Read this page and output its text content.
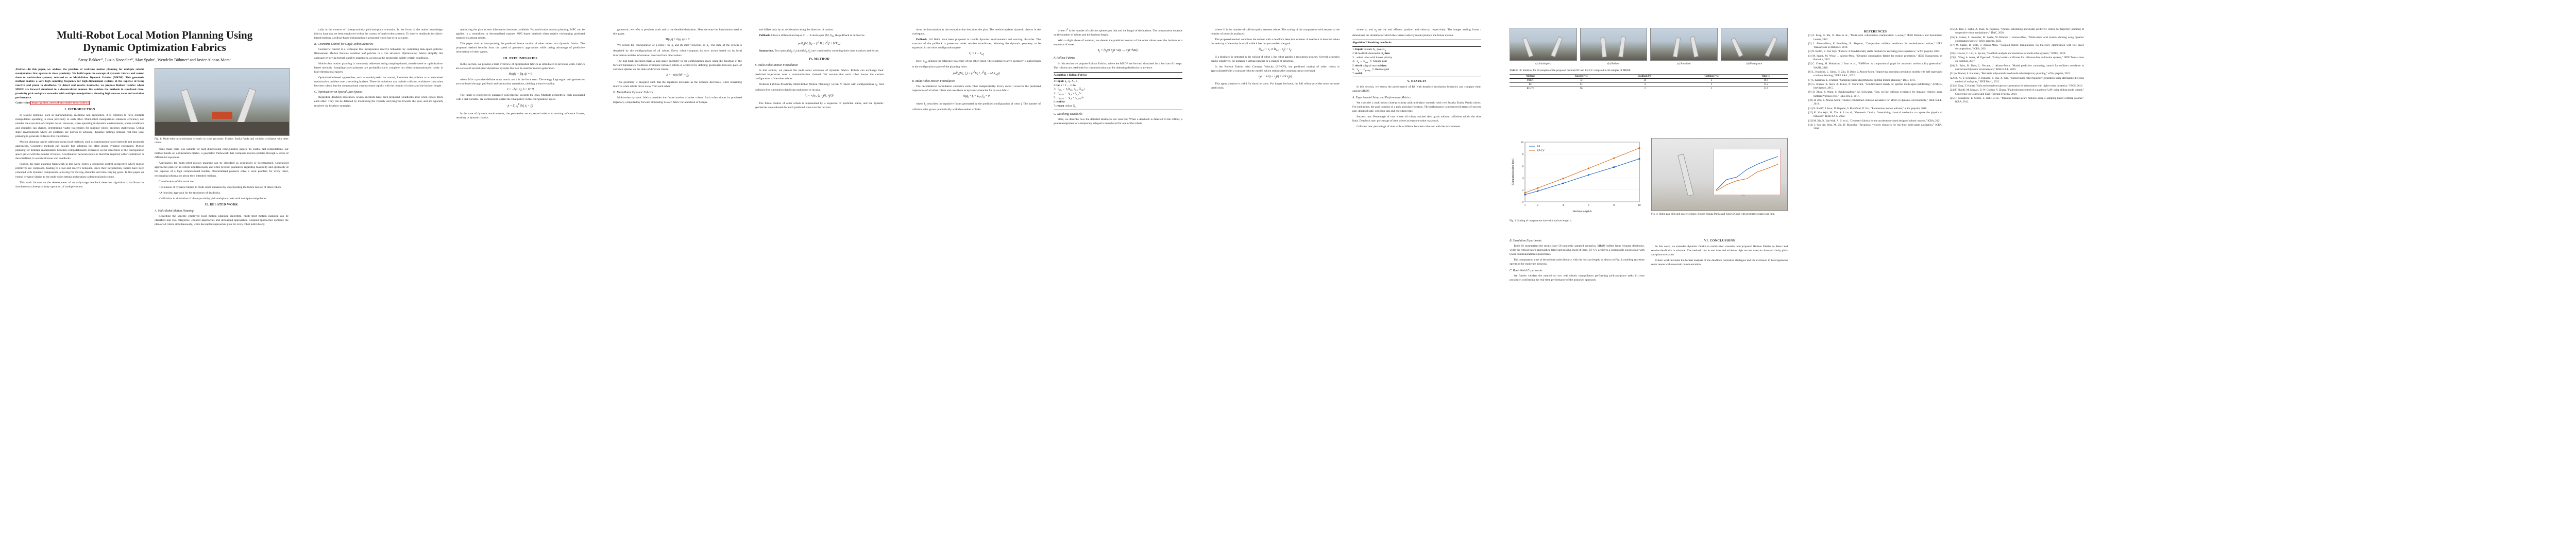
Multi-Robot Local Motion Planning Using
Dynamic Optimization Fabrics
Saray Bakker¹², Luzia Knoedler¹², Max Spahn¹, Wendelin Böhmer³ and Javier Alonso-Mora¹
Abstract—In this paper, we address the problem of real-time motion planning for multiple robotic manipulators that operate in close proximity. We build upon the concept of dynamic fabrics and extend them to multi-robot systems, referred to as Multi-Robot Dynamic Fabrics (MRDF). This geometric method enables a very high sampling frequency for high-dimensional systems at the expense of being reactive and prone to deadlocks. To detect and resolve deadlocks, we propose Rollout Fabrics where MRDF are forward simulated in a decentralized manner. We validate the methods in simulated close-proximity pick-and-place scenarios with multiple manipulators, showing high success rates and real-time performance.
Code: video https://github.com/tud-amr/multi-robot-fabrics
I. INTRODUCTION

In several domains, such as manufacturing, medicine and agriculture, it is common to have multiple manipulators operating in close proximity to each other. Multi-robot manipulation enhances efficiency and enables the execution of complex tasks. However, when operating in dynamic environments, where conditions and obstacles can change, determining viable trajectories for multiple robots becomes challenging. Unlike static environments where all obstacles are known in advance, dynamic settings demand real-time local planning to generate collision-free trajectories.

Motion planning can be addressed using local methods, such as optimization-based methods and geometric approaches. Geometric methods can quickly find solutions but often ignore dynamic constraints. Motion planning for multiple manipulators becomes computationally expensive as the dimension of the configuration space grows with the number of robots. Coordination between robots is therefore required, either centralized or decentralized, to avoid collisions and deadlocks.

Fabrics, the main planning framework in this work, follow a geometric control perspective where motion primitives are composed, leading to a fast and reactive behavior. Since their introduction, fabrics have been extended with dynamic components, allowing for moving obstacles and time-varying goals. In this paper we extend dynamic fabrics to the multi-robot setting and propose a decentralized scheme.

This work focuses on the development of an early-stage deadlock detection algorithm to facilitate the simultaneous close-proximity operation of multiple robots.

Fig. 1: Multi-robot pick-and-place scenario in close proximity. Frankas Emika Panda and collision avoidance with other robots.

come make them less suitable for high-dimensional configuration spaces. To enable fast computations, our method builds on optimization fabrics, a geometric framework that composes motion policies through a series of differential equations.

Approaches for multi-robot motion planning can be classified as centralized or decentralized. Centralized approaches plan for all robots simultaneously and often provide guarantees regarding feasibility and optimality at the expense of a high computational burden. Decentralized planners solve a local problem for every robot, exchanging information about their intended motions.

Contributions of this work are:

• Extension of dynamic fabrics to multi-robot scenarios by incorporating the future motion of other robots.

• A heuristic approach for the resolution of deadlocks.

• Validation in simulation of close-proximity pick-and-place tasks with multiple manipulators.

II. RELATED WORK
A. Multi-Robot Motion Planning

Regarding the specific employed local motion planning algorithm, multi-robot motion planning can be classified into two categories: coupled approaches and decoupled approaches. Coupled approaches compute the plan of all robots simultaneously, while decoupled approaches plan for every robot individually.

cally in the context of close-proximity pick-and-place scenarios. In the focus of the author knowledge, fabrics have not yet been employed within the context of multi-robot systems. To resolve deadlocks for fabric-based motions, a rollout-based initialization is proposed which has to be accurate.

B. Geometric Control for Single-Robot Scenarios

Geometric control is a technique that incorporates reactive behaviors by combining task-space policies. Riemannian Motion Policies combine leaf policies in a tree structure. Optimization fabrics simplify this approach by giving formal stability guarantees, as long as the geometries satisfy certain conditions.

Multi-robot motion planning is commonly addressed using sampling-based, search-based or optimization-based methods. Sampling-based planners are probabilistically complete but often computationally costly in high-dimensional spaces.

Optimization-based approaches, such as model predictive control, formulate the problem as a constrained optimization problem over a receding horizon. These formulations can include collision avoidance constraints between robots, but the computational cost increases rapidly with the number of robots and the horizon length.

C. Optimization on Special Lean Spaces

Regarding deadlock resolution, several methods have been proposed. Deadlocks arise when robots block each other. They can be detected by monitoring the velocity and progress towards the goal, and are typically resolved via heuristic strategies.

optimizing the plan as new information becomes available. For multi-robot motion planning, MPC can be applied in a centralized or decentralized manner. MPC-based methods often require exchanging predicted trajectories among robots.

This paper aims at incorporating the predicted future motion of other robots into dynamic fabrics. The proposed method benefits from the speed of geometric approaches while taking advantage of predictive information of other agents.

III. PRELIMINARIES

In this section, we provide a brief overview of optimization fabrics as introduced in previous work. Fabrics are a class of second-order dynamical systems that can be used for motion generation.

M(q)q̈ + f(q, q̇) = 0

where M is a positive definite mass matrix and f is the force term. The energy Lagrangian and geometries are combined through pull-back and summation operations, yielding a reactive policy.

ẍ = −h(x, ẋ), h = M⁻¹f

The fabric is energized to guarantee convergence towards the goal. Multiple geometries, each associated with a task variable, are combined to obtain the final policy in the configuration space.

ṗ = $\Sigma_i$ $J_i^T$ ($M_i$ ẍ$_i$ + $f_i$)

In the case of dynamic environments, the geometries are expressed relative to moving reference frames, resulting in dynamic fabrics.

geometric, we refer to previous work and to the detailed derivation. Here we state the formulation used in this paper.

M(q)q̈ + h(q, q̇) = 0

We denote the configuration of a robot i by $q_i$ and its joint velocities by $q̇_i$. The state of the system is described by the configurations of all robots. Every robot computes its own action based on its local information and the information received from other robots.

The pull-back operation maps a task-space geometry to the configuration space using the Jacobian of the forward kinematics. Collision avoidance between robots is achieved by defining geometries between pairs of collision spheres on the links of different robots.

ẍ = −ψ(x) ‖ẋ‖² + $f_d$

This geometry is designed such that the repulsion increases as the distance decreases, while remaining inactive when robots move away from each other.

D. Multi-Robot Dynamic Fabrics

Multi-robot dynamic fabrics consider the future motion of other robots. Each robot shares its predicted trajectory, computed by forward simulating its own fabric for a horizon of h steps.

and differs only by an acceleration along the direction of motion.

Pullback. Given a differential map φ: C → X and a spec (M, $f)_X$, the pullback is defined as

pull$_\varphi$(M, $f)_X = (J^TMJ$, $J^T(f$ + MJ̇q̇))

Summation. Two specs ($M_1$, $f_1$) and ($M_2$, $f_2$) are combined by summing their mass matrices and forces.

IV. METHOD
E. Multi-Robot Motion Formulation

In this section, we present the multi-robot extension of dynamic fabrics. Robots can exchange their predicted trajectories over a communication channel. We assume that each robot knows the current configuration of the other robots.

Problem 1 (Close-Proximity Multi-Robot Motion Planning): Given N robots with configurations $q_i$, find collision-free trajectories that bring each robot to its goal.

$q̈_i = \pi_i(q_i$, $q̇_i$, $x_j(t)$, ẋ$_j$(t))

The future motion of other robots is represented by a sequence of predicted states, and the dynamic geometries are evaluated for each predicted state over the horizon.

rious the formulation as the exception that describes the plan. The method updates dynamic objects in the workspace.

Pullback. All fields have been proposed to handle dynamic environments and moving obstacles. The structure of the pullback is preserved under relative coordinates, allowing the dynamic geometry to be expressed in the robot configuration space.

ẍ$_r$ = ẍ − ẍ$_{ref}$

Here, $x_{ref}$ denotes the reference trajectory of the other robot. The resulting relative geometry is pulled back to the configuration space of the planning robot.

$pull_\varphi(M_r$, $f_r) = (J^TM_rJ$, $J^T(f_r$ − $M_rẍ_{ref}$))
B. Multi-Robot Motion Formulation

The decentralized formulation considers each robot independently. Every robot i receives the predicted trajectories of all other robots and uses them as dynamic obstacles for its own fabric.

$M_iq̈_i + f_i + \Sigma_{j\ne i}$ $f_{ij} = 0$

where $f_{ij}$ describes the repulsive forces generated by the predicted configuration of robot j. The number of collision pairs grows quadratically with the number of links.

where $J^T$ is the number of collision spheres per link and the length of the horizon. The computation depends on the number of robots and the horizon length.

With a slight abuse of notation, we denote the predicted motion of the other robots over the horizon as a sequence of states.

$X_j = \{x_j(t)$, $x_j(t+\Delta t)$, …, $x_j(t+h\Delta t)$}
F. Rollout Fabrics

In this section we propose Rollout Fabrics, where the MRDF are forward simulated for a horizon of h steps. The rollouts are used both for communication and for detecting deadlocks in advance.

Algorithm 1 Rollout Fabrics
1: Input: $q_i$, $q̇_i$, $X_j$, h
2: for k = 1 … h do
3:   $q̈_{i,k}$ ← $\pi_i(q_{i,k}$, $q̇_{i,k}$, $X_{j,k}$)
4:   $q̇_{i,k+1}$ ← $q̇_{i,k}$ + $q̈_{i,k}\Delta t$
5:   $q_{i,k+1}$ ← $q_{i,k}$ + $q̇_{i,k+1}\Delta t$
6: end for
7: return rollout $X_i$
G. Resolving Deadlocks

Here, we describe how the detected deadlocks are resolved. When a deadlock is detected in the rollout, a goal reassignment or a temporary subgoal is introduced for one of the robots.

where ‖·‖ is the number of collision pairs between robots. The scaling of the computation with respect to the number of robots is analyzed.

The proposed method combines the rollout with a deadlock detection scheme. A deadlock is detected when the velocity of the robot is small while it has not yet reached the goal.

$‖q̇_{i,k}‖ < \varepsilon_v$ ∧ $‖x_{i,k}$ − $x_g‖ > \varepsilon_g$

If a deadlock is detected in the rollout of robot i, the robot applies a resolution strategy. Several strategies can be employed, for instance a virtual subgoal or a change of priorities.

In the Rollout Fabrics with Constant Velocity (RF-CV), the predicted motion of other robots is approximated with a constant velocity model, which reduces the communication overhead.

$x_j(t + k\Delta t) = x_j(t) + k\Delta t$ ẋ$_j$(t)

This approximation is valid for short horizons. For longer horizons, the full rollout provides more accurate predictions.

where $\alpha_i$ and $\alpha_j$ are the end effector position and velocity, respectively. The integer ending frame t determines the duration for which the current velocity model predicts the future motion.

Algorithm 2 Resolving deadlocks
1: Input: rollouts $X_i$, goals $x_g$
2: if deadlock detected in $X_i$ then
3:   select robot with lowest priority
4:   $x_g$ ← $x_{sub}$   ▷ Change goal
5: else if subgoal reached then
6:   $x_g$ ← $x_{g,orig}$   ▷ Restore goal
7: end if
V. RESULTS

In this section, we assess the performance of RF with deadlock resolution heuristics and compare them against MRDF.

A. Experimental Setup and Performance Metrics

We consider a multi-robot close-proximity pick-and-place scenario with two Franka Emika Panda robots. For each robot, the goal consists of a pick and place location. The performance is measured in terms of success rate, deadlock rate, collision rate and execution time.

Success rate: Percentage of runs where all robots reached their goals without collisions within the time limit. Deadlock rate: percentage of runs where at least one robot was stuck.

Collision rate: percentage of runs with a collision between robots or with the environment.

(a) Initial pick	(b) Rollout	(c) Resolved	(d) Final place
TABLE III: Statistics for 50 samples of the proposed methods RF and RF-CV compared to 50 samples of MRDF.
Method	Success [%]	Deadlock [%]	Collision [%]	Time [s]
MRDF	72	26	2	10.9
RF	94	4	2	11.2
RF-CV	96	2	2	11.0
0
2
4
6
8
10
1	2	4	6	8	10
Horizon length h
Computation time [ms]
RF
RF-CV
Fig. 3: Scaling of computation time with horizon length h.
Fig. 4: Robot pair pick-and-place scenario. Robots Franka Panda and Kinova Gen3 with geometric graph over time.
B. Simulation Experiments

Table III summarizes the results over 50 randomly sampled scenarios. MRDF suffers from frequent deadlocks, while the rollout-based approaches detect and resolve most of them. RF-CV achieves a comparable success rate with lower communication requirements.

The computation time of the rollout scales linearly with the horizon length, as shown in Fig. 3, enabling real-time operation for moderate horizons.

C. Real-World Experiments

We further validate the method on two real robotic manipulators performing pick-and-place tasks in close proximity, confirming the real-time performance of the proposed approach.

VI. CONCLUSIONS

In this work, we extended dynamic fabrics to multi-robot scenarios and proposed Rollout Fabrics to detect and resolve deadlocks in advance. The method runs in real time and achieves high success rates in close-proximity pick-and-place scenarios.

Future work includes the formal analysis of the deadlock resolution strategies and the extension to heterogeneous robot teams with uncertain communication.

REFERENCES
[1] E. Feng, G. Shi, X. Zhou et al., "Multi-robot collaborative manipulation: a survey," IEEE Robotics and Automation Letters, 2022.
[2] J. Alonso-Mora, P. Beardsley, R. Siegwart, "Cooperative collision avoidance for nonholonomic robots," IEEE Transactions on Robotics, 2018.
[3] N. Ratliff, K. Van Wyk, "Fabrics: A foundationally stable medium for encoding prior experience," arXiv preprint, 2023.
[4] M. Spahn, M. Wisse, J. Alonso-Mora, "Dynamic optimization fabrics for motion generation," IEEE Transactions on Robotics, 2023.
[5] C. Cheng, M. Mukadam, J. Issac et al., "RMPflow: A computational graph for automatic motion policy generation," WAFR, 2018.
[6] L. Knoedler, C. Salmi, H. Zhu, B. Brito, J. Alonso-Mora, "Improving pedestrian prediction models with self-supervised continual learning," IEEE RA-L, 2022.
[7] S. Karaman, E. Frazzoli, "Sampling-based algorithms for optimal motion planning," IJRR, 2011.
[8] G. Sharon, R. Stern, A. Felner, N. Sturtevant, "Conflict-based search for optimal multi-agent pathfinding," Artificial Intelligence, 2015.
[9] D. Zhou, Z. Wang, S. Bandyopadhyay, M. Schwager, "Fast, on-line collision avoidance for dynamic vehicles using buffered Voronoi cells," IEEE RA-L, 2017.
[10] H. Zhu, J. Alonso-Mora, "Chance-constrained collision avoidance for MAVs in dynamic environments," IEEE RA-L, 2019.
[11] N. Ratliff, J. Issac, D. Kappler, S. Birchfield, D. Fox, "Riemannian motion policies," arXiv preprint, 2018.
[12] K. Van Wyk, M. Xie, A. Li et al., "Geometric fabrics: Generalizing classical mechanics to capture the physics of behavior," IEEE RA-L, 2022.
[13] M. Xie, K. Van Wyk, A. Li et al., "Geometric fabrics for the acceleration-based design of robotic motion," ICRA, 2021.
[14] J. Van den Berg, M. Lin, D. Manocha, "Reciprocal velocity obstacles for real-time multi-agent navigation," ICRA, 2008.
[15] A. Tika, J. Gafur, A. Yuan, N. Bajcinca, "Optimal scheduling and model predictive control for trajectory planning of cooperative robot manipulators," IFAC, 2020.
[16] S. Bakker, L. Knoedler, M. Spahn, W. Böhmer, J. Alonso-Mora, "Multi-robot local motion planning using dynamic optimization fabrics," arXiv preprint, 2023.
[17] M. Spahn, B. Brito, J. Alonso-Mora, "Coupled mobile manipulation via trajectory optimization with free space decomposition," ICRA, 2021.
[18] J. Grover, C. Liu, K. Sycara, "Deadlock analysis and resolution for multi-robot systems," WAFR, 2020.
[19] L. Wang, A. Ames, M. Egerstedt, "Safety barrier certificates for collisions-free multirobot systems," IEEE Transactions on Robotics, 2017.
[20] B. Brito, B. Floor, L. Ferranti, J. Alonso-Mora, "Model predictive contouring control for collision avoidance in unstructured dynamic environments," IEEE RA-L, 2019.
[21] A. Kamel, S. Karaman, "Bernstein polynomial-based multi-robot trajectory planning," arXiv preprint, 2021.
[22] R. Ni, T. Schneider, D. Panozzo, Z. Pan, X. Gao, "Robust multi-robot trajectory generation using alternating direction method of multiplier," IEEE RA-L, 2022.
[23] S. Tang, V. Kumar, "Safe and complete trajectory generation for robot teams with higher-order dynamics," IROS, 2016.
[24] F. Sharifi, M. Mirzaei, B. W. Gordon, Y. Zhang, "Fault tolerant control of a quadrotor UAV using sliding mode control," Conference on Control and Fault-Tolerant Systems, 2010.
[25] J. Mainprice, E. Sisbot, L. Jaillet et al., "Planning human-aware motions using a sampling-based costmap planner," ICRA, 2011.
